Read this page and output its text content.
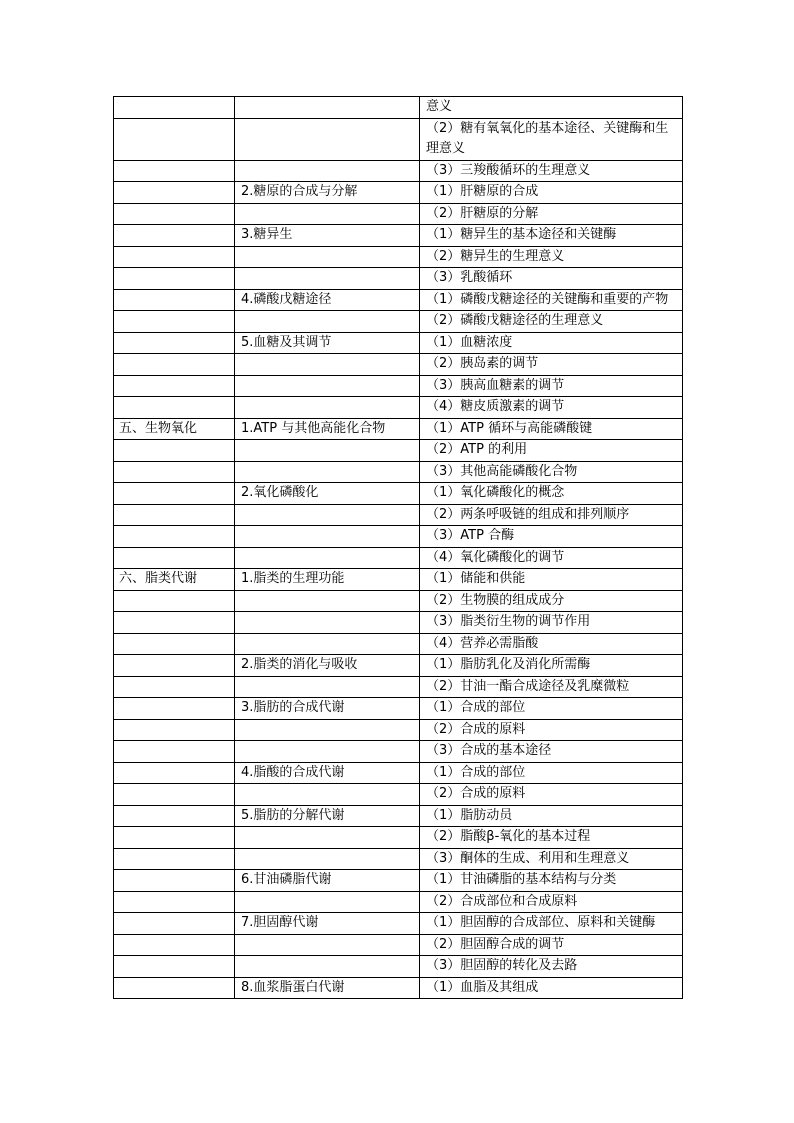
		意义
		（2）糖有氧氧化的基本途径、关键酶和生理意义
		（3）三羧酸循环的生理意义
	2.糖原的合成与分解	（1）肝糖原的合成
		（2）肝糖原的分解
	3.糖异生	（1）糖异生的基本途径和关键酶
		（2）糖异生的生理意义
		（3）乳酸循环
	4.磷酸戊糖途径	（1）磷酸戊糖途径的关键酶和重要的产物
		（2）磷酸戊糖途径的生理意义
	5.血糖及其调节	（1）血糖浓度
		（2）胰岛素的调节
		（3）胰高血糖素的调节
		（4）糖皮质激素的调节
五、生物氧化	1.ATP 与其他高能化合物	（1）ATP 循环与高能磷酸键
		（2）ATP 的利用
		（3）其他高能磷酸化合物
	2.氧化磷酸化	（1）氧化磷酸化的概念
		（2）两条呼吸链的组成和排列顺序
		（3）ATP 合酶
		（4）氧化磷酸化的调节
六、脂类代谢	1.脂类的生理功能	（1）储能和供能
		（2）生物膜的组成成分
		（3）脂类衍生物的调节作用
		（4）营养必需脂酸
	2.脂类的消化与吸收	（1）脂肪乳化及消化所需酶
		（2）甘油一酯合成途径及乳糜微粒
	3.脂肪的合成代谢	（1）合成的部位
		（2）合成的原料
		（3）合成的基本途径
	4.脂酸的合成代谢	（1）合成的部位
		（2）合成的原料
	5.脂肪的分解代谢	（1）脂肪动员
		（2）脂酸β-氧化的基本过程
		（3）酮体的生成、利用和生理意义
	6.甘油磷脂代谢	（1）甘油磷脂的基本结构与分类
		（2）合成部位和合成原料
	7.胆固醇代谢	（1）胆固醇的合成部位、原料和关键酶
		（2）胆固醇合成的调节
		（3）胆固醇的转化及去路
	8.血浆脂蛋白代谢	（1）血脂及其组成
